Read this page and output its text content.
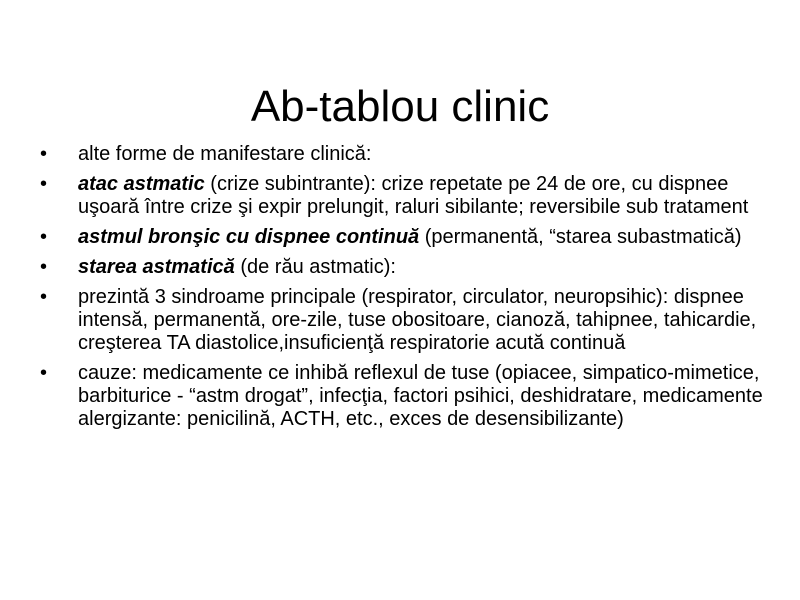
Ab-tablou clinic
• alte forme de manifestare clinică:
• atac astmatic (crize subintrante): crize repetate pe 24 de ore, cu dispnee uşoară între crize şi expir prelungit, raluri sibilante; reversibile sub tratament
• astmul bronşic cu dispnee continuă (permanentă, “starea subastmatică)
• starea astmatică (de rău astmatic):
• prezintă 3 sindroame principale (respirator, circulator, neuropsihic): dispnee intensă, permanentă, ore-zile, tuse obositoare, cianoză, tahipnee, tahicardie, creşterea TA diastolice,insuficienţă respiratorie acută continuă
• cauze: medicamente ce inhibă reflexul de tuse (opiacee, simpatico-mimetice, barbiturice - “astm drogat”, infecţia, factori psihici, deshidratare, medicamente alergizante: penicilină, ACTH, etc., exces de desensibilizante)
